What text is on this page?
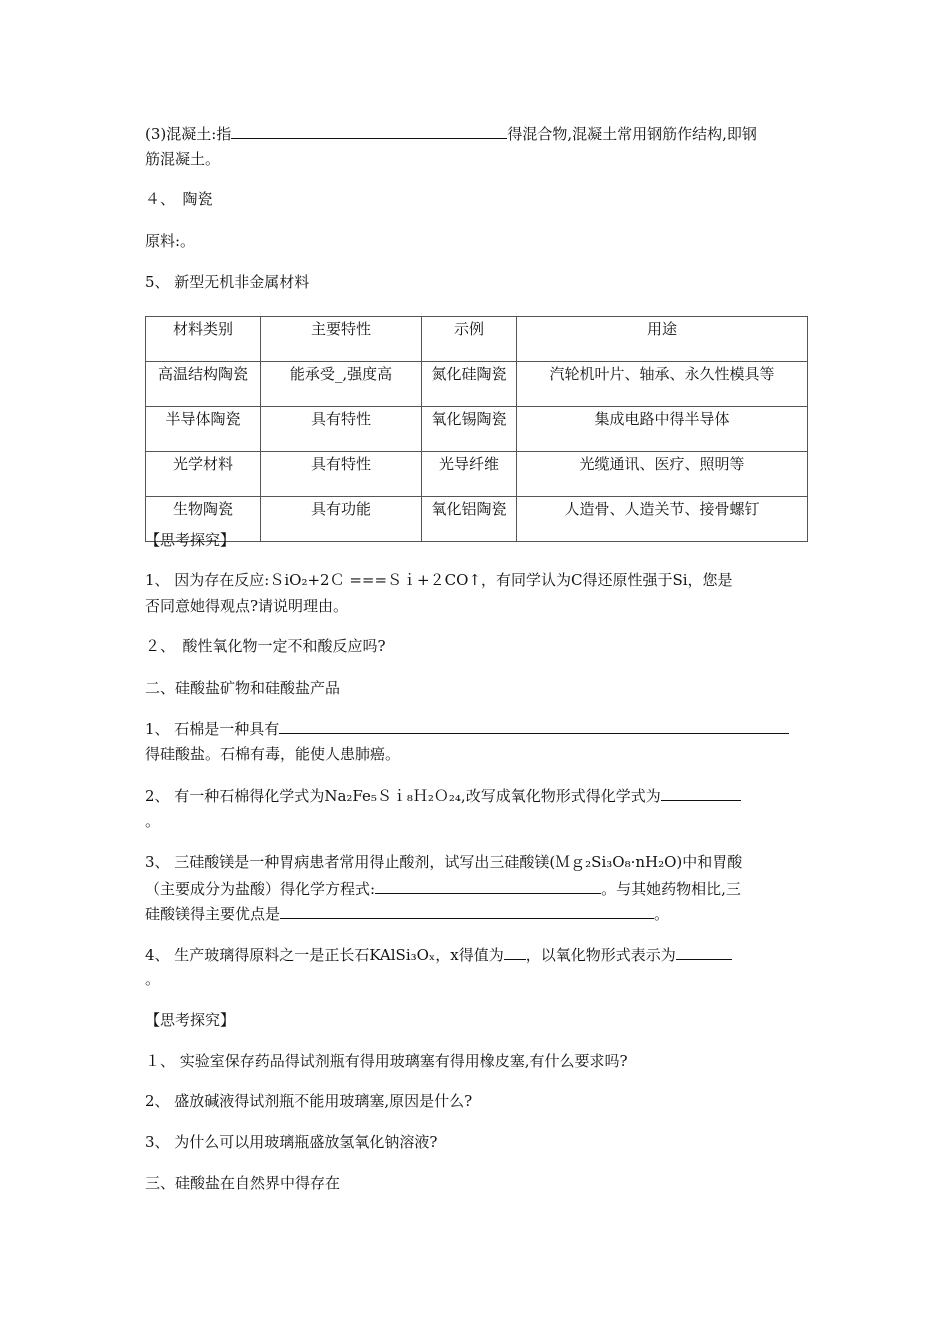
(3)混凝土:指	得混合物,混凝土常用钢筋作结构,即钢
筋混凝土。
４、　陶瓷
原料:。
5、 新型无机非金属材料
材料类别	主要特性	示例	用途
高温结构陶瓷	能承受_,强度高	氮化硅陶瓷	汽轮机叶片、轴承、永久性模具等
半导体陶瓷	具有特性	氧化锡陶瓷	集成电路中得半导体
光学材料	具有特性	光导纤维	光缆通讯、医疗、照明等
生物陶瓷	具有功能	氧化铝陶瓷	人造骨、人造关节、接骨螺钉
【思考探究】
1、 因为存在反应:ＳiO₂+2Ｃ ===Ｓｉ+２CO↑，有同学认为C得还原性强于Si，您是
否同意她得观点?请说明理由。
２、　酸性氧化物一定不和酸反应吗?
二、硅酸盐矿物和硅酸盐产品
1、 石棉是一种具有
得硅酸盐。石棉有毒，能使人患肺癌。
2、 有一种石棉得化学式为Na₂Fe₅Ｓｉ₈Ｈ₂Ｏ₂₄,改写成氧化物形式得化学式为
。
3、 三硅酸镁是一种胃病患者常用得止酸剂，试写出三硅酸镁(Ｍｇ₂Si₃O₈·nH₂O)中和胃酸
（主要成分为盐酸）得化学方程式:	。与其她药物相比,三
硅酸镁得主要优点是	。
4、 生产玻璃得原料之一是正长石KAlSi₃Oₓ，x得值为 ，以氧化物形式表示为
。
【思考探究】
１、 实验室保存药品得试剂瓶有得用玻璃塞有得用橡皮塞,有什么要求吗?
2、 盛放碱液得试剂瓶不能用玻璃塞,原因是什么?
3、 为什么可以用玻璃瓶盛放氢氧化钠溶液?
三、硅酸盐在自然界中得存在
